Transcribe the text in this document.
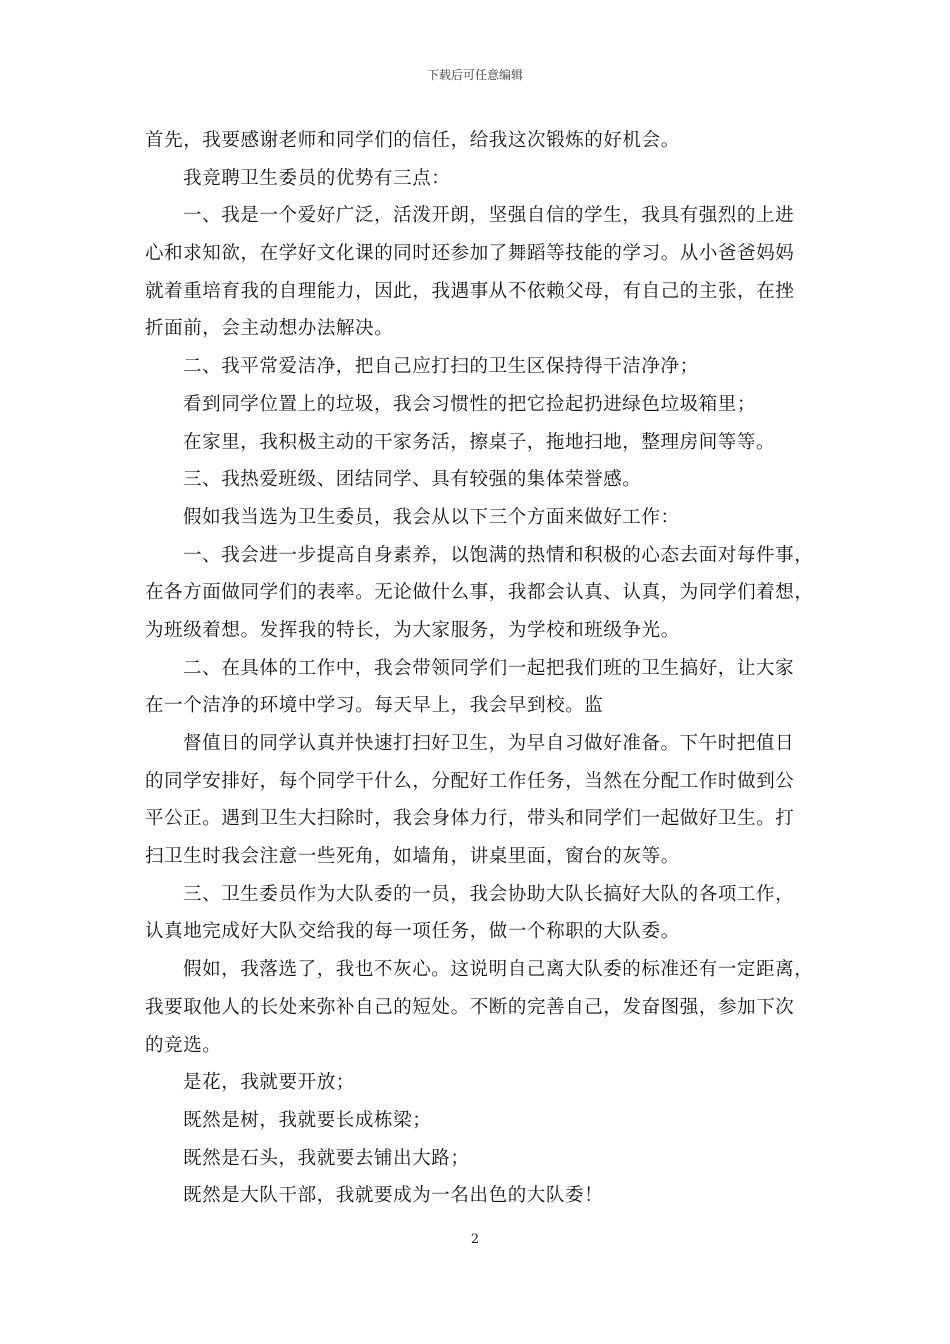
下载后可任意编辑
首先，我要感谢老师和同学们的信任，给我这次锻炼的好机会。
我竞聘卫生委员的优势有三点：
一、我是一个爱好广泛，活泼开朗，坚强自信的学生，我具有强烈的上进
心和求知欲，在学好文化课的同时还参加了舞蹈等技能的学习。从小爸爸妈妈
就着重培育我的自理能力，因此，我遇事从不依赖父母，有自己的主张，在挫
折面前，会主动想办法解决。
二、我平常爱洁净，把自己应打扫的卫生区保持得干洁净净；
看到同学位置上的垃圾，我会习惯性的把它捡起扔进绿色垃圾箱里；
在家里，我积极主动的干家务活，擦桌子，拖地扫地，整理房间等等。
三、我热爱班级、团结同学、具有较强的集体荣誉感。
假如我当选为卫生委员，我会从以下三个方面来做好工作：
一、我会进一步提高自身素养，以饱满的热情和积极的心态去面对每件事，
在各方面做同学们的表率。无论做什么事，我都会认真、认真，为同学们着想，
为班级着想。发挥我的特长，为大家服务，为学校和班级争光。
二、在具体的工作中，我会带领同学们一起把我们班的卫生搞好，让大家
在一个洁净的环境中学习。每天早上，我会早到校。监
督值日的同学认真并快速打扫好卫生，为早自习做好准备。下午时把值日
的同学安排好，每个同学干什么，分配好工作任务，当然在分配工作时做到公
平公正。遇到卫生大扫除时，我会身体力行，带头和同学们一起做好卫生。打
扫卫生时我会注意一些死角，如墙角，讲桌里面，窗台的灰等。
三、卫生委员作为大队委的一员，我会协助大队长搞好大队的各项工作，
认真地完成好大队交给我的每一项任务，做一个称职的大队委。
假如，我落选了，我也不灰心。这说明自己离大队委的标准还有一定距离，
我要取他人的长处来弥补自己的短处。不断的完善自己，发奋图强，参加下次
的竞选。
是花，我就要开放；
既然是树，我就要长成栋梁；
既然是石头，我就要去铺出大路；
既然是大队干部，我就要成为一名出色的大队委！
2
